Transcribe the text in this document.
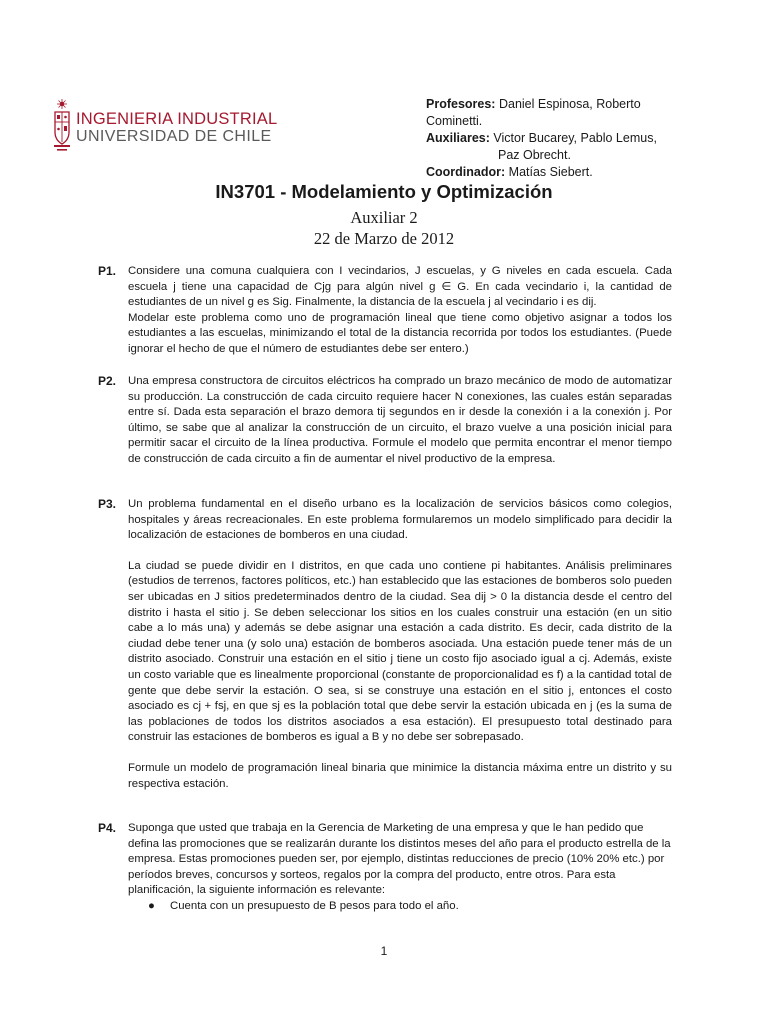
INGENIERIA INDUSTRIAL
UNIVERSIDAD DE CHILE
Profesores: Daniel Espinosa, Roberto
Cominetti.
Auxiliares: Victor Bucarey, Pablo Lemus,
Paz Obrecht.
Coordinador: Matías Siebert.
IN3701 - Modelamiento y Optimización
Auxiliar 2
22 de Marzo de 2012
P1. Considere una comuna cualquiera con I vecindarios, J escuelas, y G niveles en cada escuela. Cada escuela j tiene una capacidad de Cjg para algún nivel g ∈ G. En cada vecindario i, la cantidad de estudiantes de un nivel g es Sig. Finalmente, la distancia de la escuela j al vecindario i es dij.

Modelar este problema como uno de programación lineal que tiene como objetivo asignar a todos los estudiantes a las escuelas, minimizando el total de la distancia recorrida por todos los estudiantes. (Puede ignorar el hecho de que el número de estudiantes debe ser entero.)

P2. Una empresa constructora de circuitos eléctricos ha comprado un brazo mecánico de modo de automatizar su producción. La construcción de cada circuito requiere hacer N conexiones, las cuales están separadas entre sí. Dada esta separación el brazo demora tij segundos en ir desde la conexión i a la conexión j. Por último, se sabe que al analizar la construcción de un circuito, el brazo vuelve a una posición inicial para permitir sacar el circuito de la línea productiva. Formule el modelo que permita encontrar el menor tiempo de construcción de cada circuito a fin de aumentar el nivel productivo de la empresa.

P3. Un problema fundamental en el diseño urbano es la localización de servicios básicos como colegios, hospitales y áreas recreacionales. En este problema formularemos un modelo simplificado para decidir la localización de estaciones de bomberos en una ciudad.

La ciudad se puede dividir en I distritos, en que cada uno contiene pi habitantes. Análisis preliminares (estudios de terrenos, factores políticos, etc.) han establecido que las estaciones de bomberos solo pueden ser ubicadas en J sitios predeterminados dentro de la ciudad. Sea dij > 0 la distancia desde el centro del distrito i hasta el sitio j. Se deben seleccionar los sitios en los cuales construir una estación (en un sitio cabe a lo más una) y además se debe asignar una estación a cada distrito. Es decir, cada distrito de la ciudad debe tener una (y solo una) estación de bomberos asociada. Una estación puede tener más de un distrito asociado. Construir una estación en el sitio j tiene un costo fijo asociado igual a cj. Además, existe un costo variable que es linealmente proporcional (constante de proporcionalidad es f) a la cantidad total de gente que debe servir la estación. O sea, si se construye una estación en el sitio j, entonces el costo asociado es cj + fsj, en que sj es la población total que debe servir la estación ubicada en j (es la suma de las poblaciones de todos los distritos asociados a esa estación). El presupuesto total destinado para construir las estaciones de bomberos es igual a B y no debe ser sobrepasado.

Formule un modelo de programación lineal binaria que minimice la distancia máxima entre un distrito y su respectiva estación.

P4. Suponga que usted que trabaja en la Gerencia de Marketing de una empresa y que le han pedido que defina las promociones que se realizarán durante los distintos meses del año para el producto estrella de la empresa. Estas promociones pueden ser, por ejemplo, distintas reducciones de precio (10% 20% etc.) por períodos breves, concursos y sorteos, regalos por la compra del producto, entre otros. Para esta planificación, la siguiente información es relevante:

● Cuenta con un presupuesto de B pesos para todo el año.
1
